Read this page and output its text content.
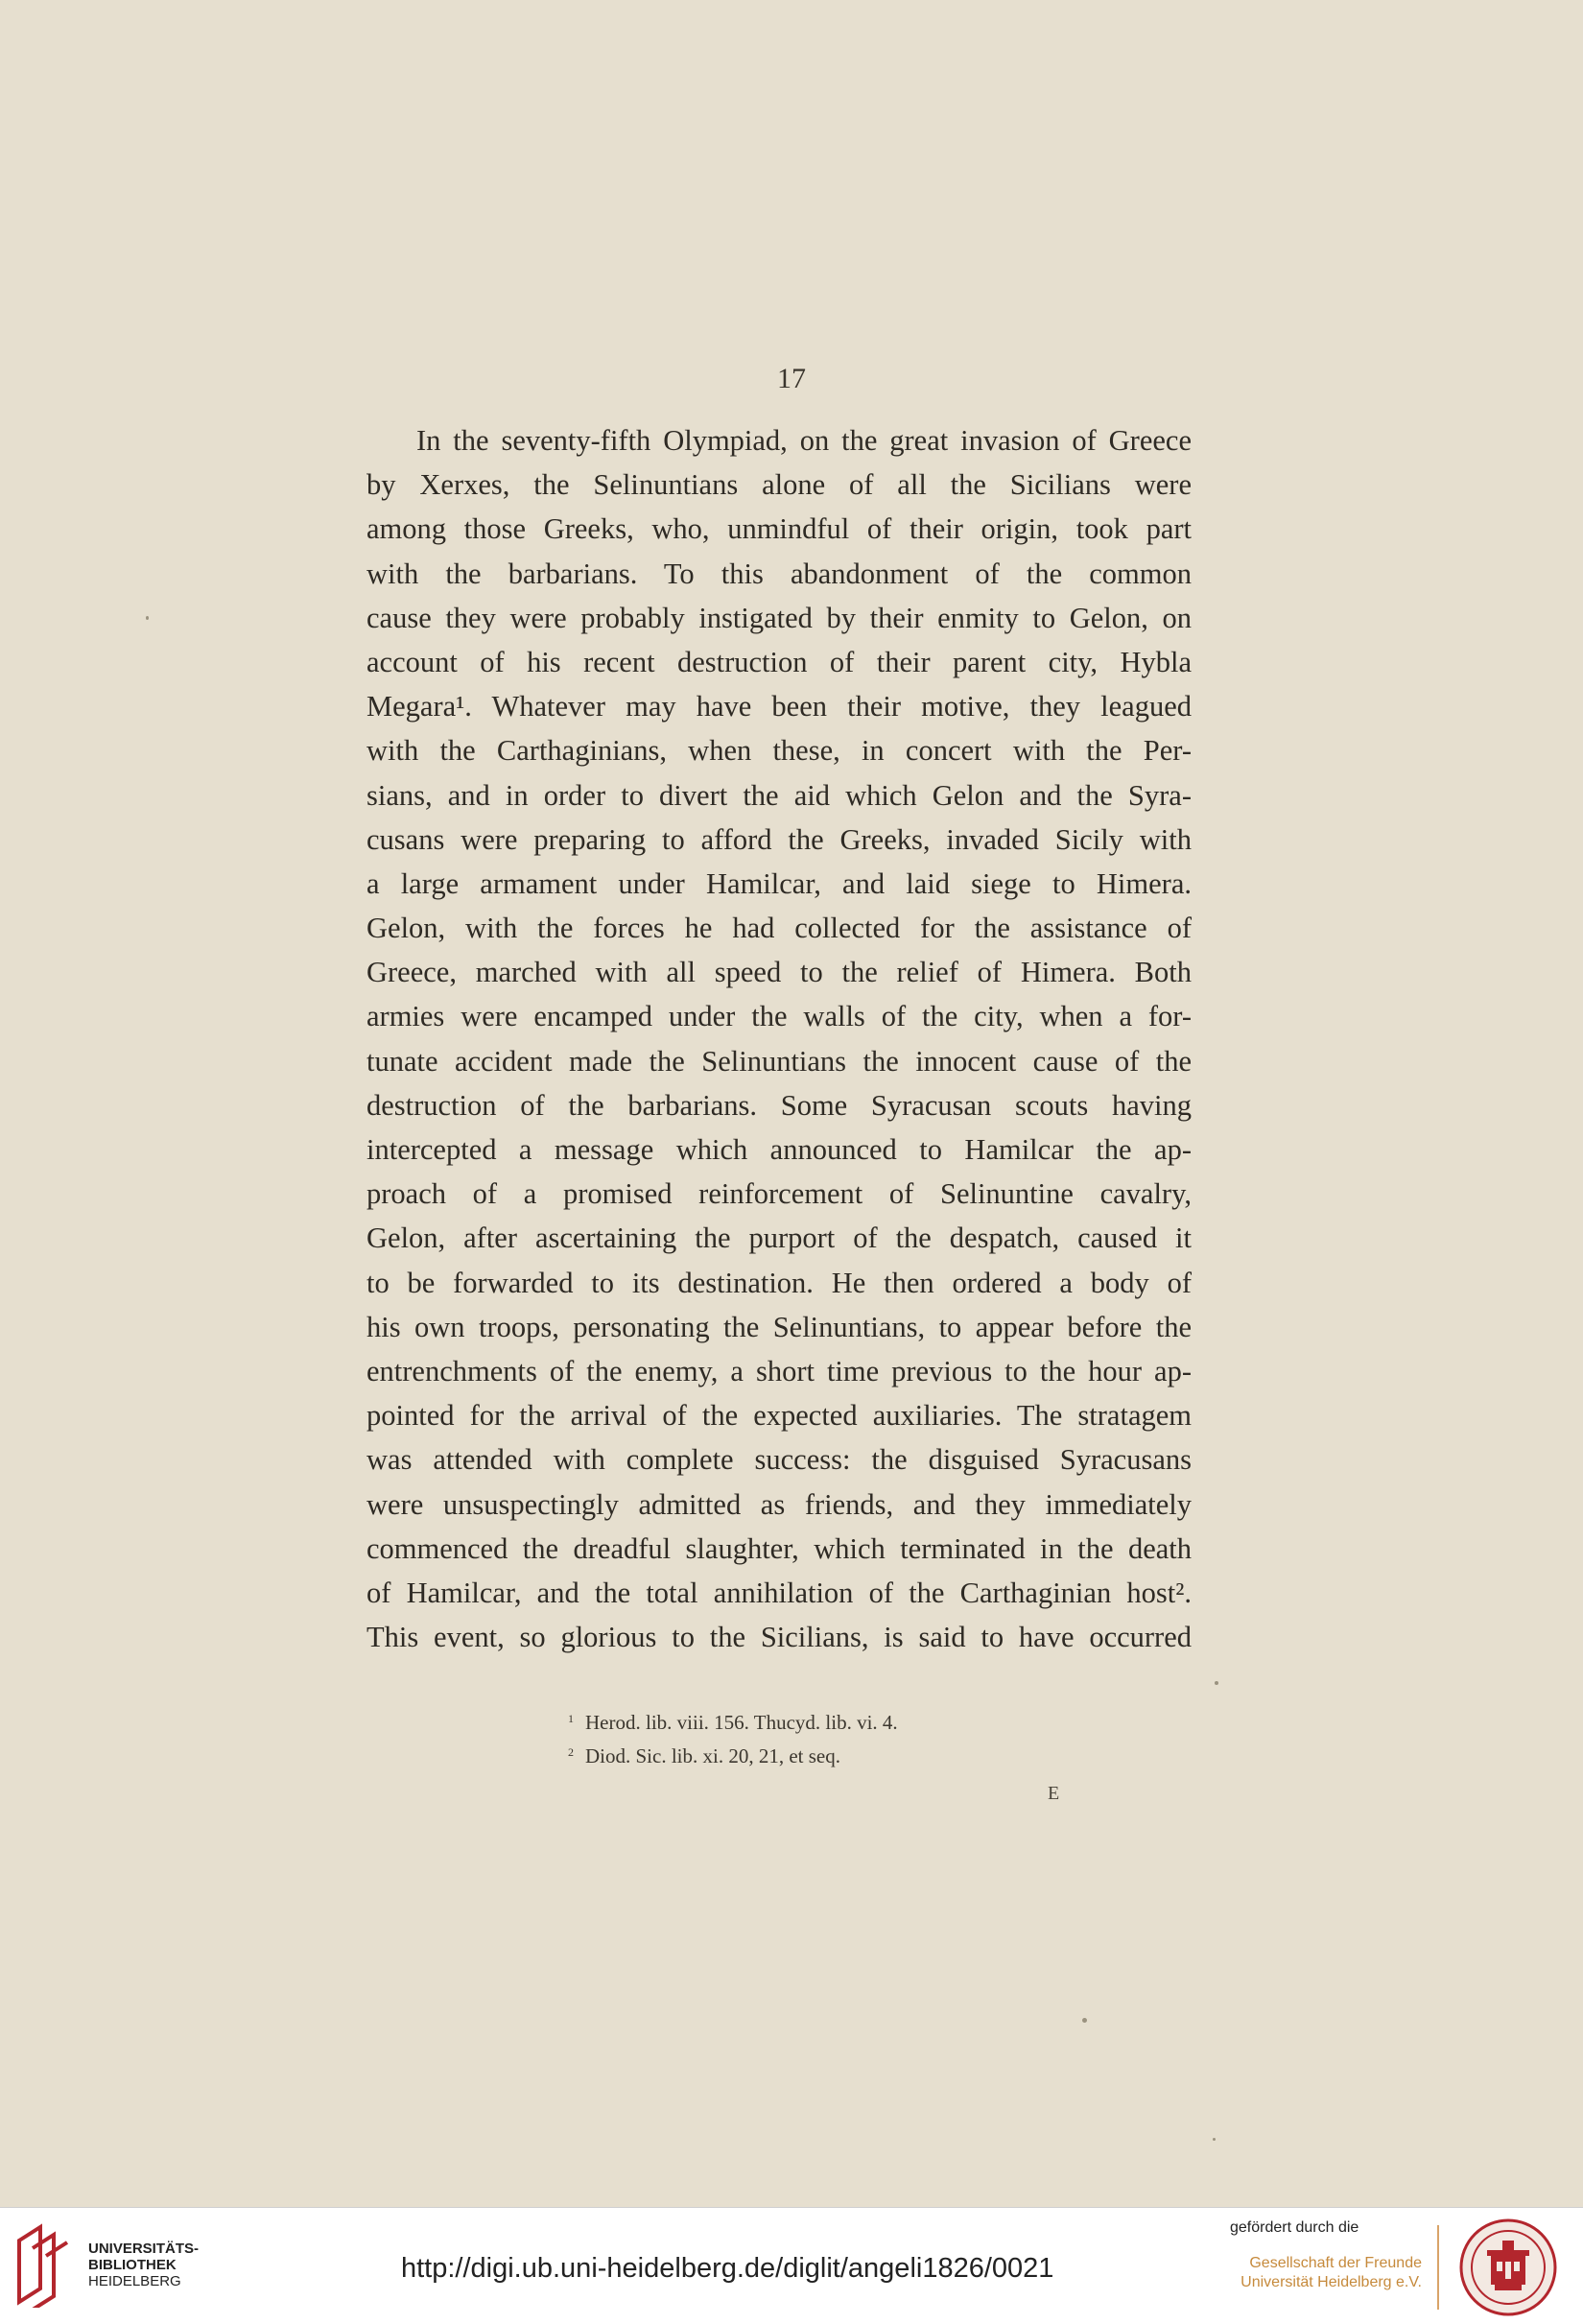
17
In the seventy-fifth Olympiad, on the great invasion of Greece
by Xerxes, the Selinuntians alone of all the Sicilians were
among those Greeks, who, unmindful of their origin, took part
with the barbarians. To this abandonment of the common
cause they were probably instigated by their enmity to Gelon, on
account of his recent destruction of their parent city, Hybla
Megara¹. Whatever may have been their motive, they leagued
with the Carthaginians, when these, in concert with the Per-
sians, and in order to divert the aid which Gelon and the Syra-
cusans were preparing to afford the Greeks, invaded Sicily with
a large armament under Hamilcar, and laid siege to Himera.
Gelon, with the forces he had collected for the assistance of
Greece, marched with all speed to the relief of Himera. Both
armies were encamped under the walls of the city, when a for-
tunate accident made the Selinuntians the innocent cause of the
destruction of the barbarians. Some Syracusan scouts having
intercepted a message which announced to Hamilcar the ap-
proach of a promised reinforcement of Selinuntine cavalry,
Gelon, after ascertaining the purport of the despatch, caused it
to be forwarded to its destination. He then ordered a body of
his own troops, personating the Selinuntians, to appear before the
entrenchments of the enemy, a short time previous to the hour ap-
pointed for the arrival of the expected auxiliaries. The stratagem
was attended with complete success: the disguised Syracusans
were unsuspectingly admitted as friends, and they immediately
commenced the dreadful slaughter, which terminated in the death
of Hamilcar, and the total annihilation of the Carthaginian host².
This event, so glorious to the Sicilians, is said to have occurred
$^1$ Herod. lib. viii. 156. Thucyd. lib. vi. 4.
$^2$ Diod. Sic. lib. xi. 20, 21, et seq.
E
UNIVERSITÄTS-
BIBLIOTHEK
HEIDELBERG	http://digi.ub.uni-heidelberg.de/diglit/angeli1826/0021
gefördert durch die
Gesellschaft der Freunde
Universität Heidelberg e.V.
